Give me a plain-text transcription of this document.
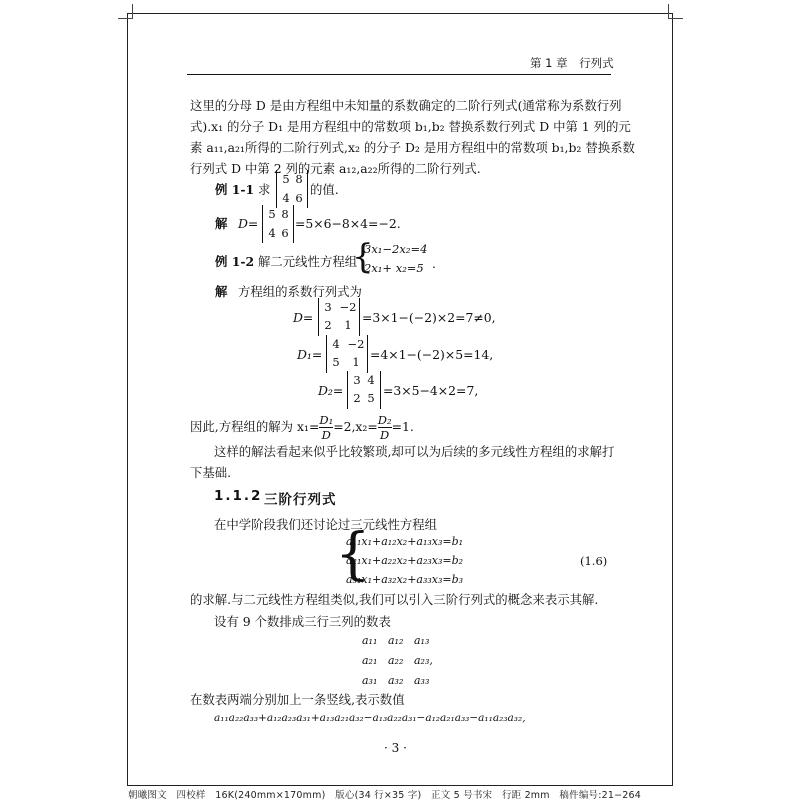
第 1 章　行列式
这里的分母 D 是由方程组中未知量的系数确定的二阶行列式(通常称为系数行列
式).x₁ 的分子 D₁ 是用方程组中的常数项 b₁,b₂ 替换系数行列式 D 中第 1 列的元
素 a₁₁,a₂₁所得的二阶行列式,x₂ 的分子 D₂ 是用方程组中的常数项 b₁,b₂ 替换系数
行列式 D 中第 2 列的元素 a₁₂,a₂₂所得的二阶行列式.
例 1-1 求
5 8
4 6
的值.
解 D=
5 8
4 6
=5×6−8×4=−2.
例 1-2 解二元线性方程组
{
3x₁−2x₂=4
2x₁+ x₂=5 .
解 方程组的系数行列式为
D=
3 −2
2	1 =3×1−(−2)×2=7≠0,
D₁=
4 −2
5	1 =4×1−(−2)×5=14,
D₂=
3 4
2 5 =3×5−4×2=7,
因此,方程组的解为 $x_1= \frac{\text{D₁}}{D} =2,x_2= \frac{\text{D₂}}{D} =1$.
这样的解法看起来似乎比较繁琐,却可以为后续的多元线性方程组的求解打
下基础.
1.1.2 三阶行列式
在中学阶段我们还讨论过三元线性方程组
{
a₁₁x₁+a₁₂x₂+a₁₃x₃=b₁
a₂₁x₁+a₂₂x₂+a₂₃x₃=b₂
a₃₁x₁+a₃₂x₂+a₃₃x₃=b₃
(1.6)
的求解.与二元线性方程组类似,我们可以引入三阶行列式的概念来表示其解.
设有 9 个数排成三行三列的数表
a₁₁ a₁₂ a₁₃
a₂₁ a₂₂ a₂₃,
a₃₁ a₃₂ a₃₃
在数表两端分别加上一条竖线,表示数值
a₁₁a₂₂a₃₃+a₁₂a₂₃a₃₁+a₁₃a₂₁a₃₂−a₁₃a₂₂a₃₁−a₁₂a₂₁a₃₃−a₁₁a₂₃a₃₂,
· 3 ·
朝曦图文　四校样　16K(240mm×170mm)　版心(34 行×35 字)　正文 5 号书宋　行距 2mm　稿件编号:21−264
